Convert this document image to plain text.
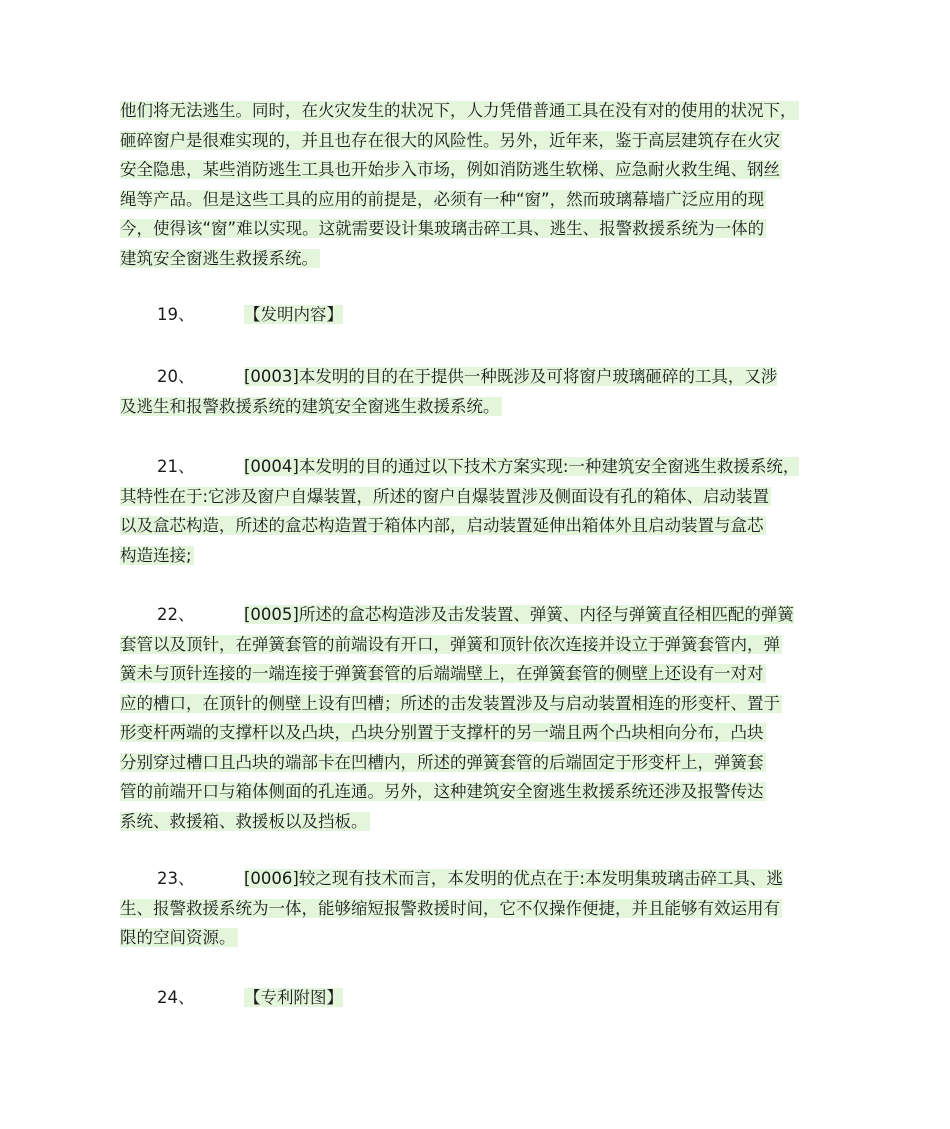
他们将无法逃生。同时，在火灾发生的状况下，人力凭借普通工具在没有对的使用的状况下，
砸碎窗户是很难实现的，并且也存在很大的风险性。另外，近年来，鉴于高层建筑存在火灾
安全隐患，某些消防逃生工具也开始步入市场，例如消防逃生软梯、应急耐火救生绳、钢丝
绳等产品。但是这些工具的应用的前提是，必须有一种“窗”，然而玻璃幕墙广泛应用的现
今，使得该“窗”难以实现。这就需要设计集玻璃击碎工具、逃生、报警救援系统为一体的
建筑安全窗逃生救援系统。
19、	【发明内容】
20、	[0003]本发明的目的在于提供一种既涉及可将窗户玻璃砸碎的工具，又涉
及逃生和报警救援系统的建筑安全窗逃生救援系统。
21、	[0004]本发明的目的通过以下技术方案实现:一种建筑安全窗逃生救援系统，
其特性在于:它涉及窗户自爆装置，所述的窗户自爆装置涉及侧面设有孔的箱体、启动装置
以及盒芯构造，所述的盒芯构造置于箱体内部，启动装置延伸出箱体外且启动装置与盒芯
构造连接;
22、	[0005]所述的盒芯构造涉及击发装置、弹簧、内径与弹簧直径相匹配的弹簧
套管以及顶针，在弹簧套管的前端设有开口，弹簧和顶针依次连接并设立于弹簧套管内，弹
簧未与顶针连接的一端连接于弹簧套管的后端端壁上，在弹簧套管的侧壁上还设有一对对
应的槽口，在顶针的侧壁上设有凹槽；所述的击发装置涉及与启动装置相连的形变杆、置于
形变杆两端的支撑杆以及凸块，凸块分别置于支撑杆的另一端且两个凸块相向分布，凸块
分别穿过槽口且凸块的端部卡在凹槽内，所述的弹簧套管的后端固定于形变杆上，弹簧套
管的前端开口与箱体侧面的孔连通。另外，这种建筑安全窗逃生救援系统还涉及报警传达
系统、救援箱、救援板以及挡板。
23、	[0006]较之现有技术而言，本发明的优点在于:本发明集玻璃击碎工具、逃
生、报警救援系统为一体，能够缩短报警救援时间，它不仅操作便捷，并且能够有效运用有
限的空间资源。
24、	【专利附图】
